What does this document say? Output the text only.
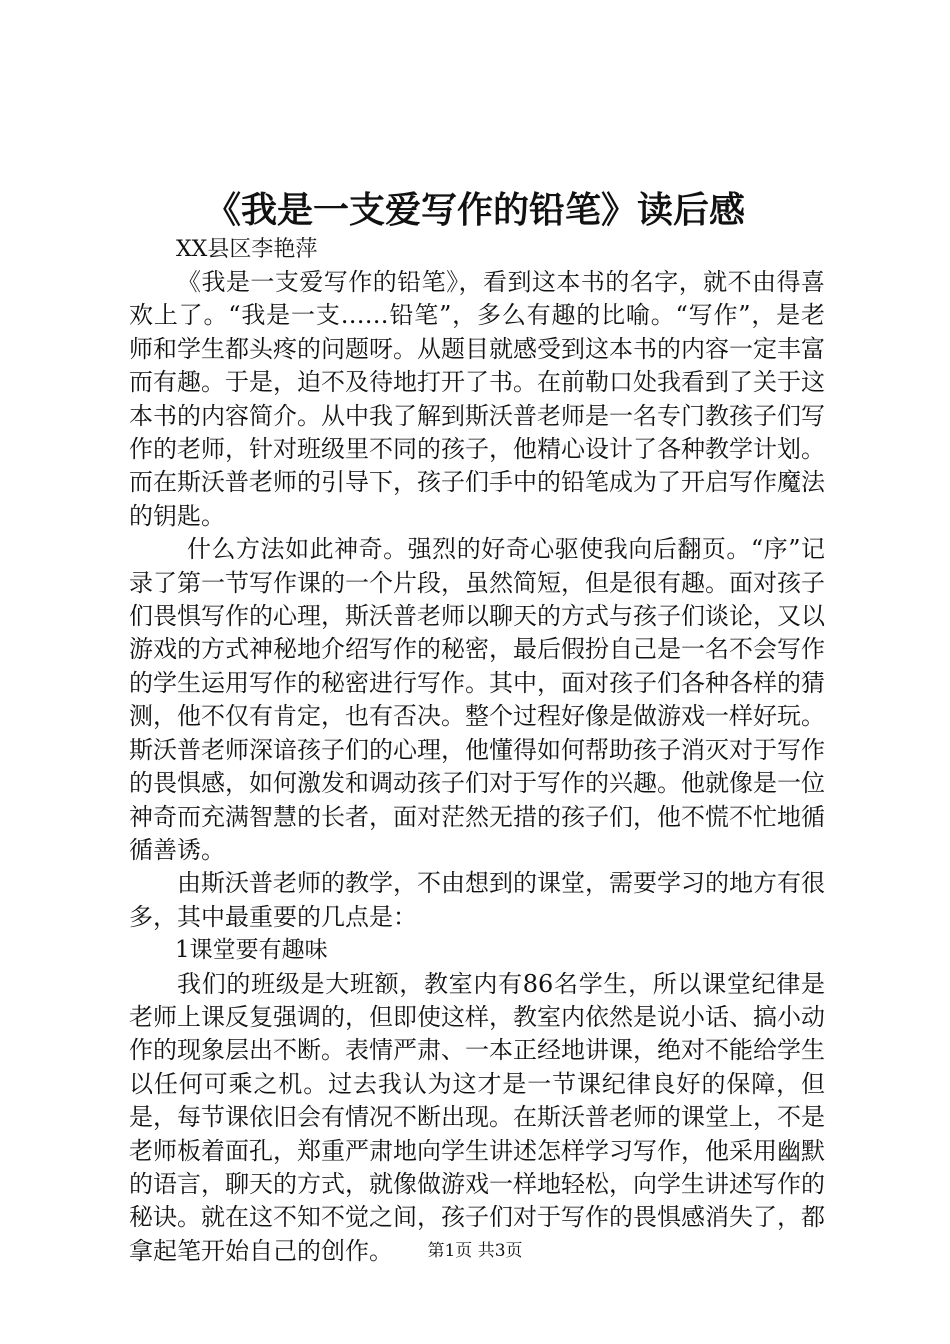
《我是一支爱写作的铅笔》读后感
XX县区李艳萍

《我是一支爱写作的铅笔》，看到这本书的名字，就不由得喜欢上了。“我是一支……铅笔”，多么有趣的比喻。“写作”，是老师和学生都头疼的问题呀。从题目就感受到这本书的内容一定丰富而有趣。于是，迫不及待地打开了书。在前勒口处我看到了关于这本书的内容简介。从中我了解到斯沃普老师是一名专门教孩子们写作的老师，针对班级里不同的孩子，他精心设计了各种教学计划。而在斯沃普老师的引导下，孩子们手中的铅笔成为了开启写作魔法的钥匙。

什么方法如此神奇。强烈的好奇心驱使我向后翻页。“序”记录了第一节写作课的一个片段，虽然简短，但是很有趣。面对孩子们畏惧写作的心理，斯沃普老师以聊天的方式与孩子们谈论，又以游戏的方式神秘地介绍写作的秘密，最后假扮自己是一名不会写作的学生运用写作的秘密进行写作。其中，面对孩子们各种各样的猜测，他不仅有肯定，也有否决。整个过程好像是做游戏一样好玩。斯沃普老师深谙孩子们的心理，他懂得如何帮助孩子消灭对于写作的畏惧感，如何激发和调动孩子们对于写作的兴趣。他就像是一位神奇而充满智慧的长者，面对茫然无措的孩子们，他不慌不忙地循循善诱。

由斯沃普老师的教学，不由想到的课堂，需要学习的地方有很多，其中最重要的几点是：

1课堂要有趣味

我们的班级是大班额，教室内有86名学生，所以课堂纪律是老师上课反复强调的，但即使这样，教室内依然是说小话、搞小动作的现象层出不断。表情严肃、一本正经地讲课，绝对不能给学生以任何可乘之机。过去我认为这才是一节课纪律良好的保障，但是，每节课依旧会有情况不断出现。在斯沃普老师的课堂上，不是老师板着面孔，郑重严肃地向学生讲述怎样学习写作，他采用幽默的语言，聊天的方式，就像做游戏一样地轻松，向学生讲述写作的秘诀。就在这不知不觉之间，孩子们对于写作的畏惧感消失了，都拿起笔开始自己的创作。	第1页 共3页
